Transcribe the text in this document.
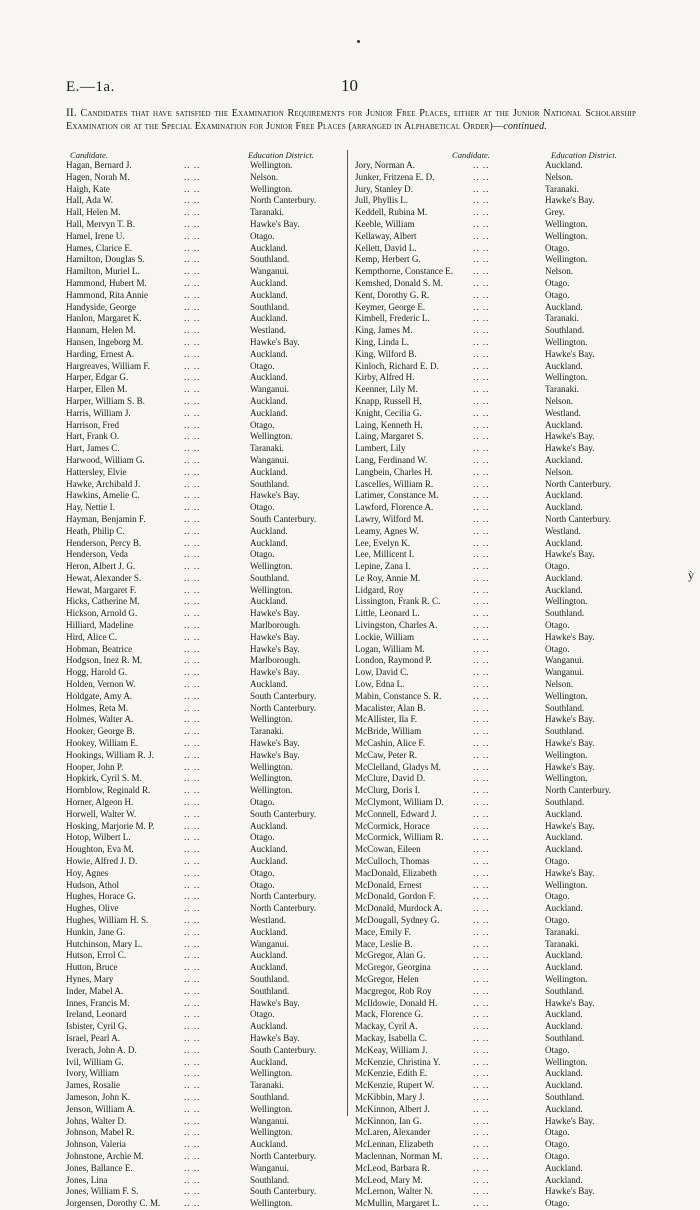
ỳ
E.—1a.	10
II. Candidates that have satisfied the Examination Requirements for Junior Free Places, either at the Junior National Scholarship Examination or at the Special Examination for Junior Free Places (arranged in Alphabetical Order)—continued.
Candidate.	Education District.	Candidate.	Education District.
Hagan, Bernard J.	.. ..	Wellington.
Hagen, Norah M.	.. ..	Nelson.
Haigh, Kate	.. ..	Wellington.
Hall, Ada W.	.. ..	North Canterbury.
Hall, Helen M.	.. ..	Taranaki.
Hall, Mervyn T. B.	.. ..	Hawke's Bay.
Hamel, Irene U.	.. ..	Otago.
Hames, Clarice E.	.. ..	Auckland.
Hamilton, Douglas S.	.. ..	Southland.
Hamilton, Muriel L.	.. ..	Wanganui.
Hammond, Hubert M.	.. ..	Auckland.
Hammond, Rita Annie	.. ..	Auckland.
Handyside, George	.. ..	Southland.
Hanlon, Margaret K.	.. ..	Auckland.
Hannam, Helen M.	.. ..	Westland.
Hansen, Ingeborg M.	.. ..	Hawke's Bay.
Harding, Ernest A.	.. ..	Auckland.
Hargreaves, William F.	.. ..	Otago.
Harper, Edgar G.	.. ..	Auckland.
Harper, Ellen M.	.. ..	Wanganui.
Harper, William S. B.	.. ..	Auckland.
Harris, William J.	.. ..	Auckland.
Harrison, Fred	.. ..	Otago.
Hart, Frank O.	.. ..	Wellington.
Hart, James C.	.. ..	Taranaki.
Harwood, William G.	.. ..	Wanganui.
Hattersley, Elvie	.. ..	Auckland.
Hawke, Archibald J.	.. ..	Southland.
Hawkins, Amelie C.	.. ..	Hawke's Bay.
Hay, Nettie I.	.. ..	Otago.
Hayman, Benjamin F.	.. ..	South Canterbury.
Heath, Philip C.	.. ..	Auckland.
Henderson, Percy B.	.. ..	Auckland.
Henderson, Veda	.. ..	Otago.
Heron, Albert J. G.	.. ..	Wellington.
Hewat, Alexander S.	.. ..	Southland.
Hewat, Margaret F.	.. ..	Wellington.
Hicks, Catherine M.	.. ..	Auckland.
Hickson, Arnold G.	.. ..	Hawke's Bay.
Hilliard, Madeline	.. ..	Marlborough.
Hird, Alice C.	.. ..	Hawke's Bay.
Hobman, Beatrice	.. ..	Hawke's Bay.
Hodgson, Inez R. M.	.. ..	Marlborough.
Hogg, Harold G.	.. ..	Hawke's Bay.
Holden, Vernon W.	.. ..	Auckland.
Holdgate, Amy A.	.. ..	South Canterbury.
Holmes, Reta M.	.. ..	North Canterbury.
Holmes, Walter A.	.. ..	Wellington.
Hooker, George B.	.. ..	Taranaki.
Hookey, William E.	.. ..	Hawke's Bay.
Hookings, William R. J.	.. ..	Hawke's Bay.
Hooper, John P.	.. ..	Wellington.
Hopkirk, Cyril S. M.	.. ..	Wellington.
Hornblow, Reginald R.	.. ..	Wellington.
Horner, Algeon H.	.. ..	Otago.
Horwell, Walter W.	.. ..	South Canterbury.
Hosking, Marjorie M. P.	.. ..	Auckland.
Hotop, Wilbert L.	.. ..	Otago.
Houghton, Eva M.	.. ..	Auckland.
Howie, Alfred J. D.	.. ..	Auckland.
Hoy, Agnes	.. ..	Otago.
Hudson, Athol	.. ..	Otago.
Hughes, Horace G.	.. ..	North Canterbury.
Hughes, Olive	.. ..	North Canterbury.
Hughes, William H. S.	.. ..	Westland.
Hunkin, Jane G.	.. ..	Auckland.
Hutchinson, Mary L.	.. ..	Wanganui.
Hutson, Errol C.	.. ..	Auckland.
Hutton, Bruce	.. ..	Auckland.
Hynes, Mary	.. ..	Southland.
Inder, Mabel A.	.. ..	Southland.
Innes, Francis M.	.. ..	Hawke's Bay.
Ireland, Leonard	.. ..	Otago.
Isbister, Cyril G.	.. ..	Auckland.
Israel, Pearl A.	.. ..	Hawke's Bay.
Iverach, John A. D.	.. ..	South Canterbury.
Ivil, William G.	.. ..	Auckland.
Ivory, William	.. ..	Wellington.
James, Rosalie	.. ..	Taranaki.
Jameson, John K.	.. ..	Southland.
Jenson, William A.	.. ..	Wellington.
Johns, Walter D.	.. ..	Wanganui.
Johnson, Mabel R.	.. ..	Wellington.
Johnson, Valeria	.. ..	Auckland.
Johnstone, Archie M.	.. ..	North Canterbury.
Jones, Ballance E.	.. ..	Wanganui.
Jones, Lina	.. ..	Southland.
Jones, William F. S.	.. ..	South Canterbury.
Jorgensen, Dorothy C. M.	.. ..	Wellington.
Jory, Norman A.	.. ..	Auckland.
Junker, Fritzena E. D.	.. ..	Nelson.
Jury, Stanley D.	.. ..	Taranaki.
Jull, Phyllis L.	.. ..	Hawke's Bay.
Keddell, Rubina M.	.. ..	Grey.
Keeble, William	.. ..	Wellington.
Kellaway, Albert	.. ..	Wellington.
Kellett, David L.	.. ..	Otago.
Kemp, Herbert G.	.. ..	Wellington.
Kempthorne, Constance E.	.. ..	Nelson.
Kemshed, Donald S. M.	.. ..	Otago.
Kent, Dorothy G. R.	.. ..	Otago.
Keymer, George E.	.. ..	Auckland.
Kimbell, Frederic L.	.. ..	Taranaki.
King, James M.	.. ..	Southland.
King, Linda L.	.. ..	Wellington.
King, Wilford B.	.. ..	Hawke's Bay.
Kinloch, Richard E. D.	.. ..	Auckland.
Kirby, Alfred H.	.. ..	Wellington.
Keenner, Lily M.	.. ..	Taranaki.
Knapp, Russell H.	.. ..	Nelson.
Knight, Cecilia G.	.. ..	Westland.
Laing, Kenneth H.	.. ..	Auckland.
Laing, Margaret S.	.. ..	Hawke's Bay.
Lambert, Lily	.. ..	Hawke's Bay.
Lang, Ferdinand W.	.. ..	Auckland.
Langbein, Charles H.	.. ..	Nelson.
Lascelles, William R.	.. ..	North Canterbury.
Latimer, Constance M.	.. ..	Auckland.
Lawford, Florence A.	.. ..	Auckland.
Lawry, Wilford M.	.. ..	North Canterbury.
Leamy, Agnes W.	.. ..	Westland.
Lee, Evelyn K.	.. ..	Auckland.
Lee, Millicent I.	.. ..	Hawke's Bay.
Lepine, Zana I.	.. ..	Otago.
Le Roy, Annie M.	.. ..	Auckland.
Lidgard, Roy	.. ..	Auckland.
Lissington, Frank R. C.	.. ..	Wellington.
Little, Leonard L.	.. ..	Southland.
Livingston, Charles A.	.. ..	Otago.
Lockie, William	.. ..	Hawke's Bay.
Logan, William M.	.. ..	Otago.
London, Raymond P.	.. ..	Wanganui.
Low, David C.	.. ..	Wanganui.
Low, Edna L.	.. ..	Nelson.
Mabin, Constance S. R.	.. ..	Wellington.
Macalister, Alan B.	.. ..	Southland.
McAllister, Ila F.	.. ..	Hawke's Bay.
McBride, William	.. ..	Southland.
McCashin, Alice F.	.. ..	Hawke's Bay.
McCaw, Peter R.	.. ..	Wellington.
McClelland, Gladys M.	.. ..	Hawke's Bay.
McClure, David D.	.. ..	Wellington.
McClurg, Doris I.	.. ..	North Canterbury.
McClymont, William D.	.. ..	Southland.
McConnell, Edward J.	.. ..	Auckland.
McCormick, Horace	.. ..	Hawke's Bay.
McCormick, William R.	.. ..	Auckland.
McCowan, Eileen	.. ..	Auckland.
McCulloch, Thomas	.. ..	Otago.
MacDonald, Elizabeth	.. ..	Hawke's Bay.
McDonald, Ernest	.. ..	Wellington.
McDonald, Gordon F.	.. ..	Otago.
McDonald, Murdock A.	.. ..	Auckland.
McDougall, Sydney G.	.. ..	Otago.
Mace, Emily F.	.. ..	Taranaki.
Mace, Leslie B.	.. ..	Taranaki.
McGregor, Alan G.	.. ..	Auckland.
McGregor, Georgina	.. ..	Auckland.
McGregor, Helen	.. ..	Wellington.
Macgregor, Rob Roy	.. ..	Southland.
McIldowie, Donald H.	.. ..	Hawke's Bay.
Mack, Florence G.	.. ..	Auckland.
Mackay, Cyril A.	.. ..	Auckland.
Mackay, Isabella C.	.. ..	Southland.
McKeay, William J.	.. ..	Otago.
McKenzie, Christina Y.	.. ..	Wellington.
McKenzie, Edith E.	.. ..	Auckland.
McKenzie, Rupert W.	.. ..	Auckland.
McKibbin, Mary J.	.. ..	Southland.
McKinnon, Albert J.	.. ..	Auckland.
McKinnon, Ian G.	.. ..	Hawke's Bay.
McLaren, Alexander	.. ..	Otago.
McLennan, Elizabeth	.. ..	Otago.
Maclennan, Norman M.	.. ..	Otago.
McLeod, Barbara R.	.. ..	Auckland.
McLeod, Mary M.	.. ..	Auckland.
McLernon, Walter N.	.. ..	Hawke's Bay.
McMullin, Margaret L.	.. ..	Otago.
